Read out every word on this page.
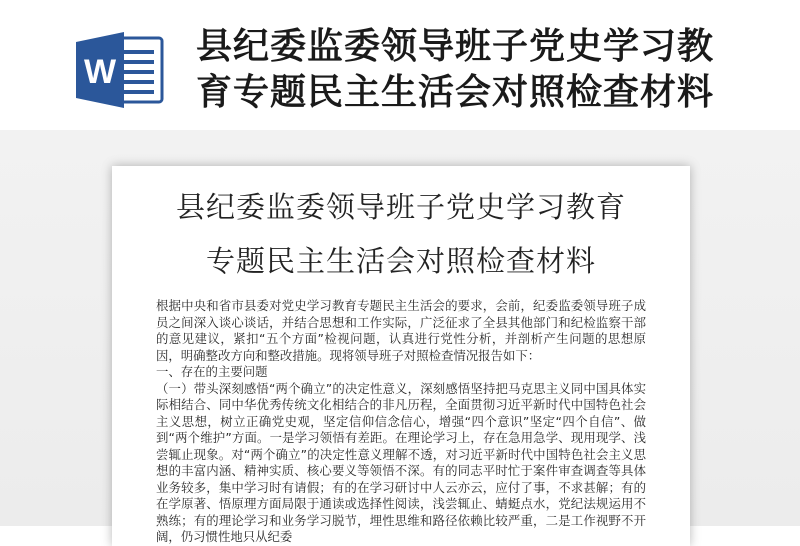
W
县纪委监委领导班子党史学习教
育专题民主生活会对照检查材料
县纪委监委领导班子党史学习教育
专题民主生活会对照检查材料

根据中央和省市县委对党史学习教育专题民主生活会的要求，会前，纪委监委领导班子成员之间深入谈心谈话，并结合思想和工作实际，广泛征求了全县其他部门和纪检监察干部的意见建议，紧扣“五个方面”检视问题，认真进行党性分析，并剖析产生问题的思想原因，明确整改方向和整改措施。现将领导班子对照检查情况报告如下：

一、存在的主要问题

（一）带头深刻感悟“两个确立”的决定性意义，深刻感悟坚持把马克思主义同中国具体实际相结合、同中华优秀传统文化相结合的非凡历程，全面贯彻习近平新时代中国特色社会主义思想，树立正确党史观，坚定信仰信念信心，增强“四个意识”坚定“四个自信”、做到“两个维护”方面。一是学习领悟有差距。在理论学习上，存在急用急学、现用现学、浅尝辄止现象。对“两个确立”的决定性意义理解不透，对习近平新时代中国特色社会主义思想的丰富内涵、精神实质、核心要义等领悟不深。有的同志平时忙于案件审查调查等具体业务较多，集中学习时有请假；有的在学习研讨中人云亦云，应付了事，不求甚解；有的在学原著、悟原理方面局限于通读或选择性阅读，浅尝辄止、蜻蜓点水，党纪法规运用不熟练；有的理论学习和业务学习脱节，埋性思维和路径依赖比较严重，二是工作视野不开阔，仍习惯性地只从纪委
